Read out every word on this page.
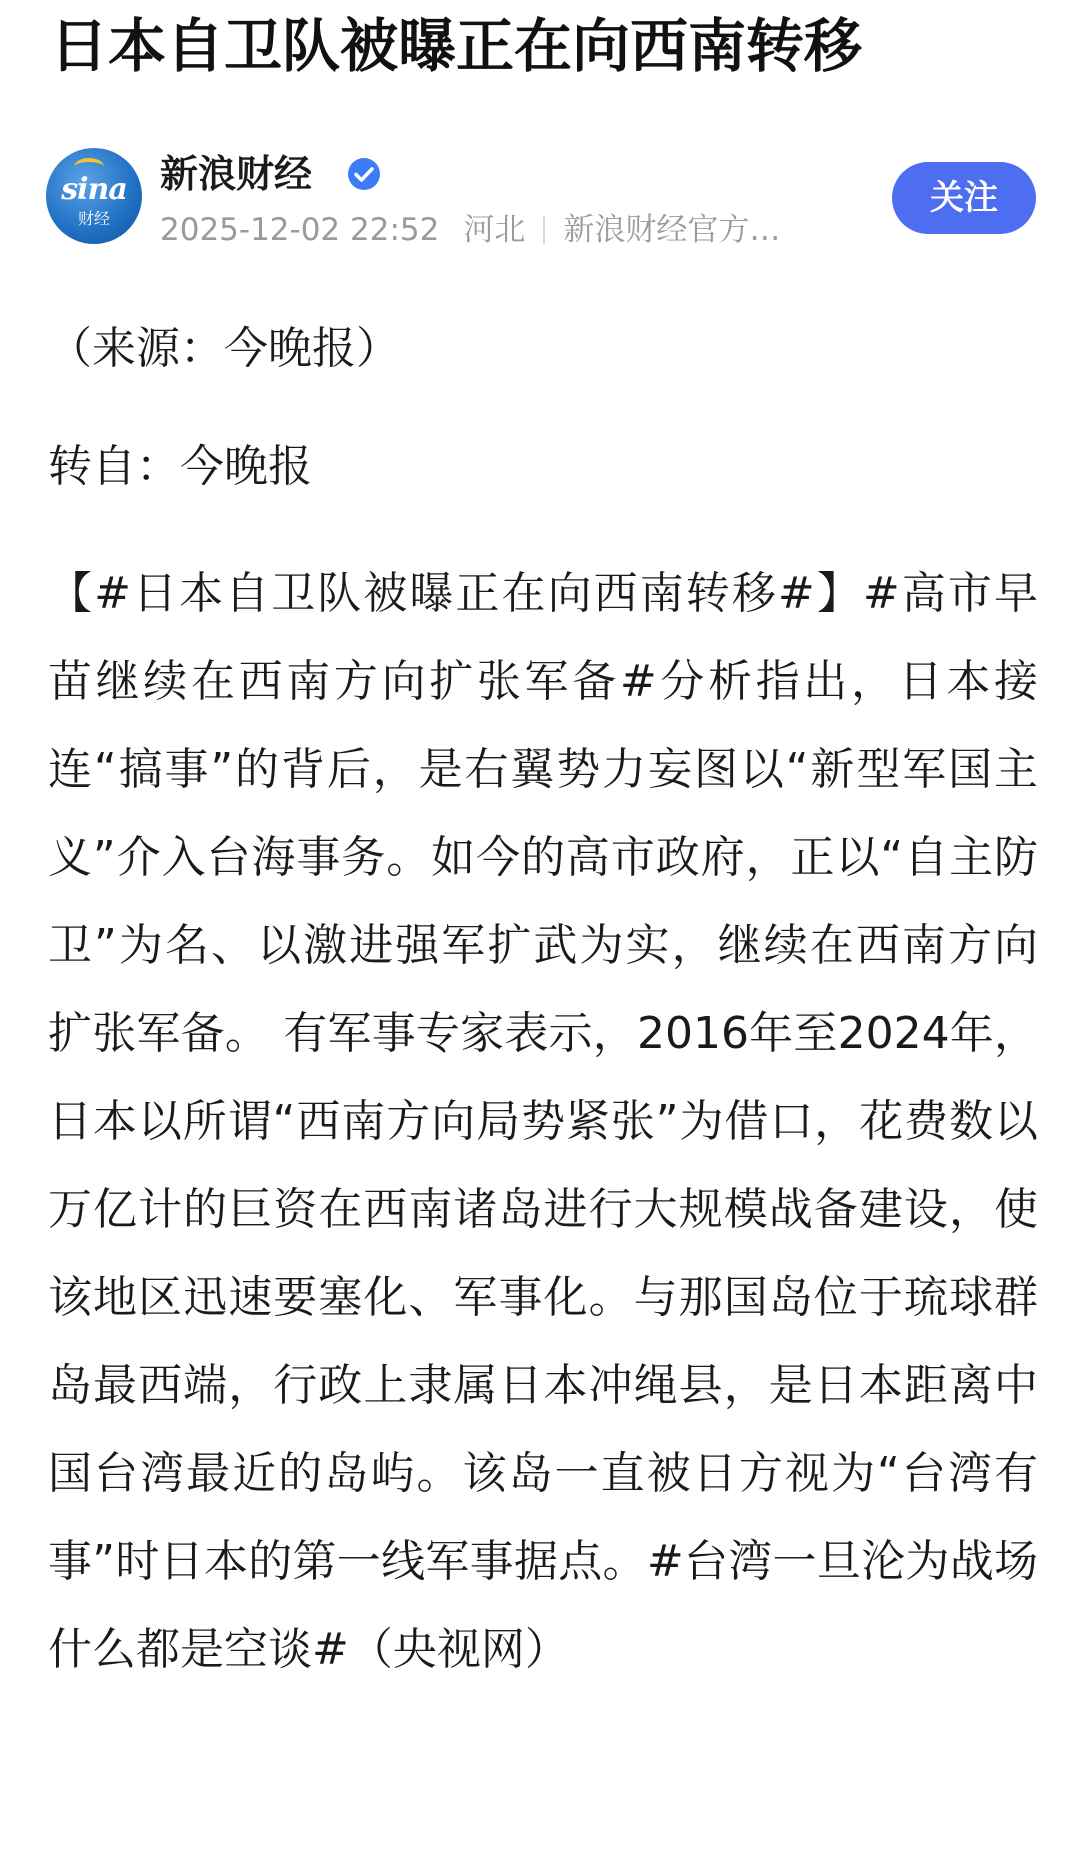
日本自卫队被曝正在向西南转移
sina
财经
新浪财经
2025-12-02 22:52 河北 新浪财经官方…
关注

（来源：今晚报）

转自：今晚报

【#日本自卫队被曝正在向西南转移#】#高市早苗继续在西南方向扩张军备#分析指出，日本接连“搞事”的背后，是右翼势力妄图以“新型军国主义”介入台海事务。如今的高市政府，正以“自主防卫”为名、以激进强军扩武为实，继续在西南方向扩张军备。 有军事专家表示，2016年至2024年，日本以所谓“西南方向局势紧张”为借口，花费数以万亿计的巨资在西南诸岛进行大规模战备建设，使该地区迅速要塞化、军事化。与那国岛位于琉球群岛最西端，行政上隶属日本冲绳县，是日本距离中国台湾最近的岛屿。该岛一直被日方视为“台湾有事”时日本的第一线军事据点。#台湾一旦沦为战场什么都是空谈#（央视网）
